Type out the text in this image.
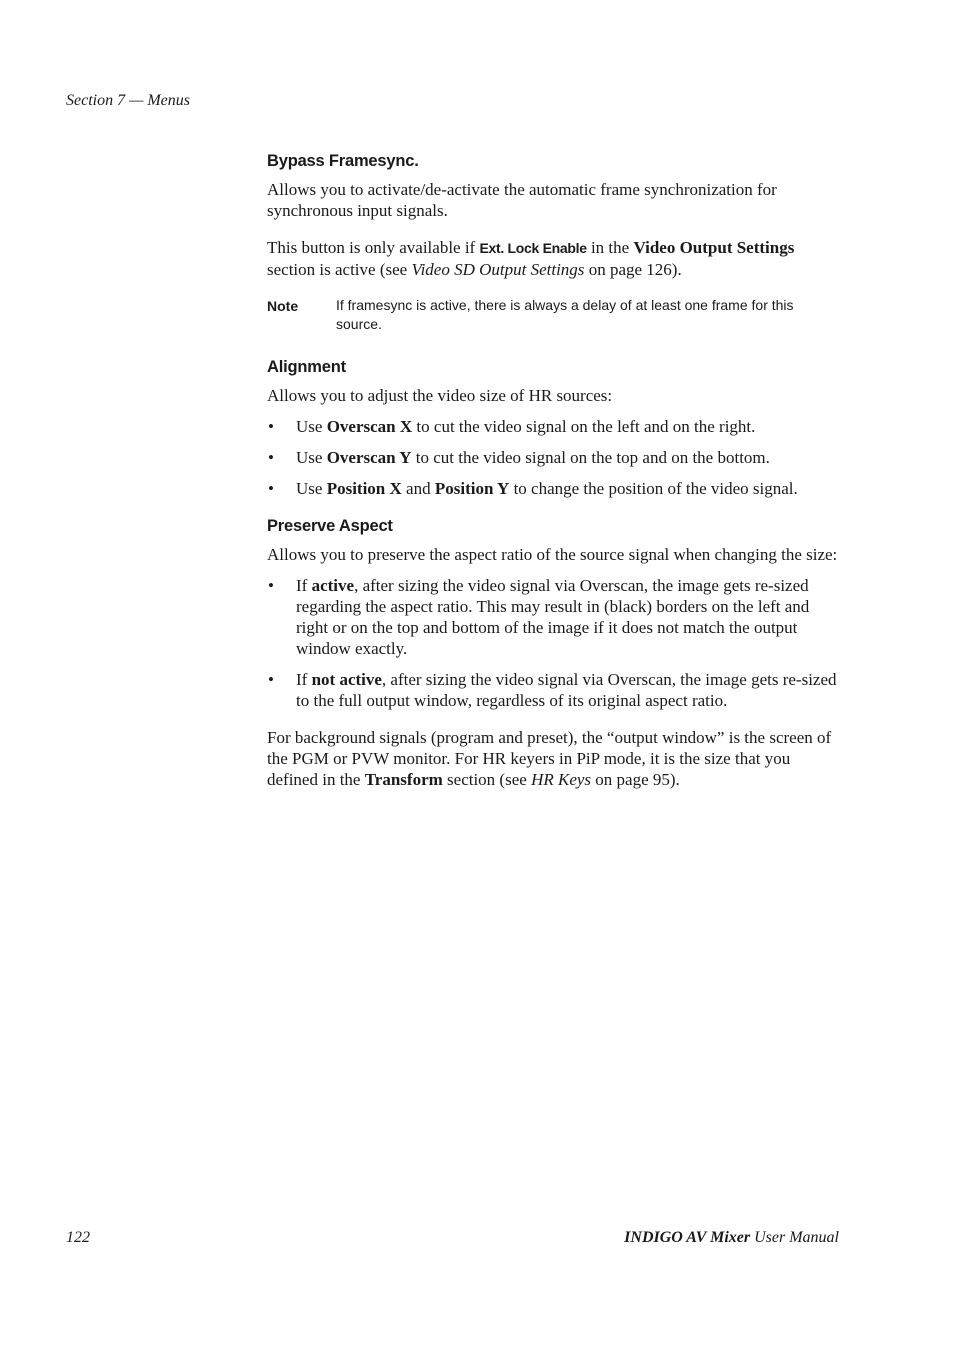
Section 7 — Menus
Bypass Framesync.

Allows you to activate/de-activate the automatic frame synchronization for synchronous input signals.

This button is only available if Ext. Lock Enable in the Video Output Settings section is active (see Video SD Output Settings on page 126).

Note	If framesync is active, there is always a delay of at least one frame for this source.
Alignment

Allows you to adjust the video size of HR sources:

• Use Overscan X to cut the video signal on the left and on the right.
• Use Overscan Y to cut the video signal on the top and on the bottom.
• Use Position X and Position Y to change the position of the video signal.
Preserve Aspect

Allows you to preserve the aspect ratio of the source signal when changing the size:

• If active, after sizing the video signal via Overscan, the image gets re-sized regarding the aspect ratio. This may result in (black) borders on the left and right or on the top and bottom of the image if it does not match the output window exactly.
• If not active, after sizing the video signal via Overscan, the image gets re-sized to the full output window, regardless of its original aspect ratio.

For background signals (program and preset), the “output window” is the screen of the PGM or PVW monitor. For HR keyers in PiP mode, it is the size that you defined in the Transform section (see HR Keys on page 95).

122	INDIGO AV Mixer User Manual
